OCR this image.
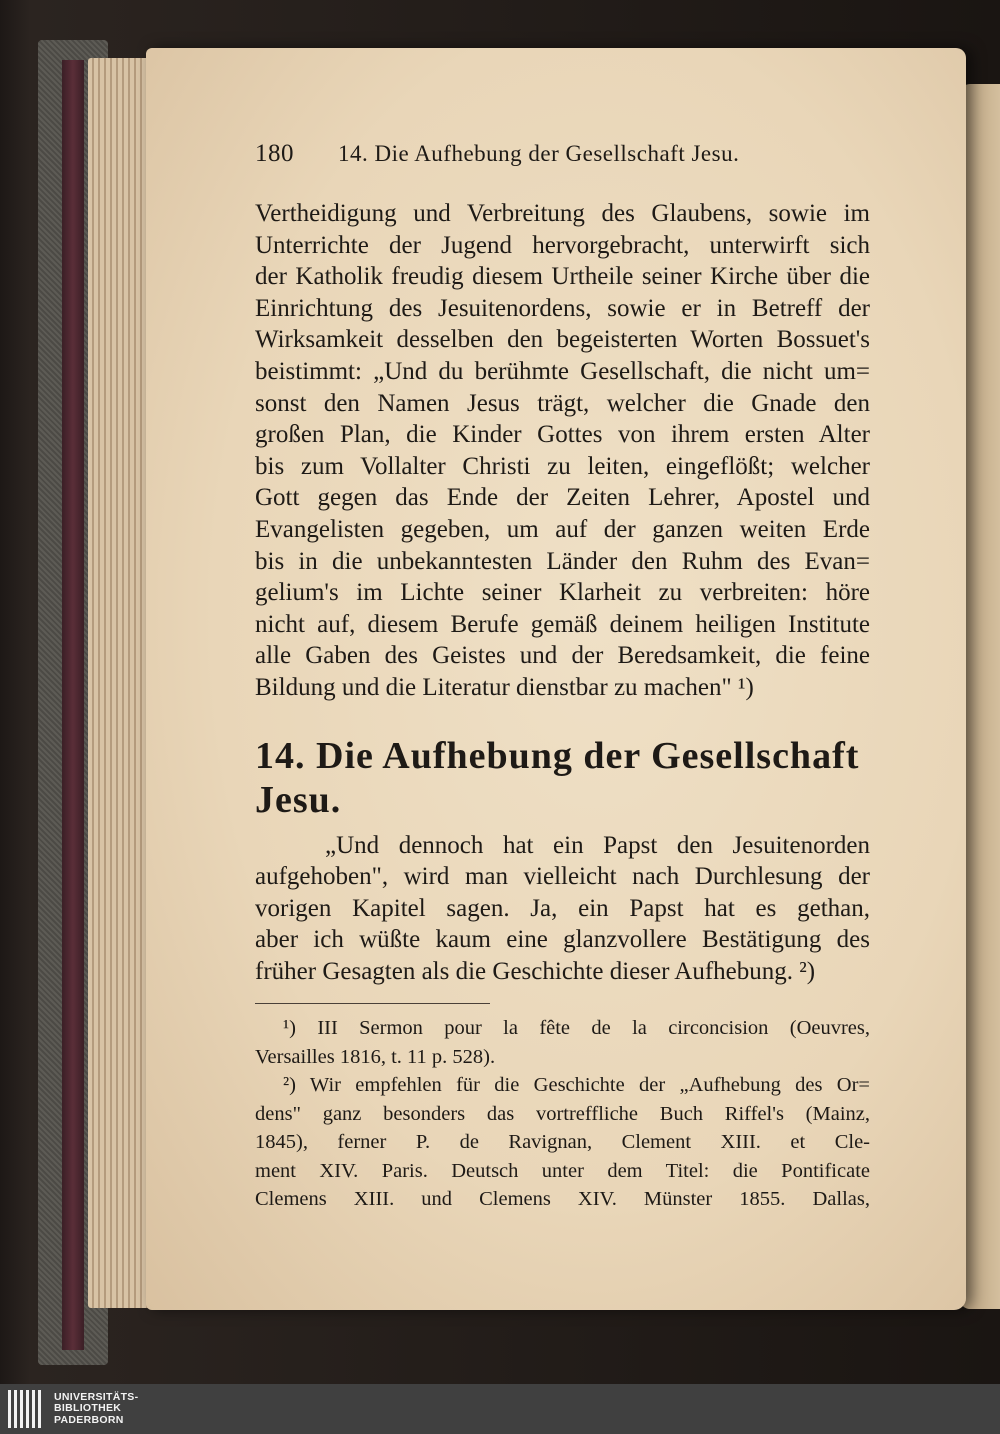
180 14. Die Aufhebung der Gesellschaft Jesu.
Vertheidigung und Verbreitung des Glaubens, sowie im
Unterrichte der Jugend hervorgebracht, unterwirft sich
der Katholik freudig diesem Urtheile seiner Kirche über die
Einrichtung des Jesuitenordens, sowie er in Betreff der
Wirksamkeit desselben den begeisterten Worten Bossuet's
beistimmt: „Und du berühmte Gesellschaft, die nicht um=
sonst den Namen Jesus trägt, welcher die Gnade den
großen Plan, die Kinder Gottes von ihrem ersten Alter
bis zum Vollalter Christi zu leiten, eingeflößt; welcher
Gott gegen das Ende der Zeiten Lehrer, Apostel und
Evangelisten gegeben, um auf der ganzen weiten Erde
bis in die unbekanntesten Länder den Ruhm des Evan=
gelium's im Lichte seiner Klarheit zu verbreiten: höre
nicht auf, diesem Berufe gemäß deinem heiligen Institute
alle Gaben des Geistes und der Beredsamkeit, die feine
Bildung und die Literatur dienstbar zu machen" ¹)
14. Die Aufhebung der Gesellschaft Jesu.
„Und dennoch hat ein Papst den Jesuitenorden
aufgehoben", wird man vielleicht nach Durchlesung der
vorigen Kapitel sagen. Ja, ein Papst hat es gethan,
aber ich wüßte kaum eine glanzvollere Bestätigung des
früher Gesagten als die Geschichte dieser Aufhebung. ²)
¹) III Sermon pour la fête de la circoncision (Oeuvres,
Versailles 1816, t. 11 p. 528).
²) Wir empfehlen für die Geschichte der „Aufhebung des Or=
dens" ganz besonders das vortreffliche Buch Riffel's (Mainz,
1845), ferner P. de Ravignan, Clement XIII. et Cle-
ment XIV. Paris. Deutsch unter dem Titel: die Pontificate
Clemens XIII. und Clemens XIV. Münster 1855. Dallas,
UNIVERSITÄTS-
BIBLIOTHEK
PADERBORN
